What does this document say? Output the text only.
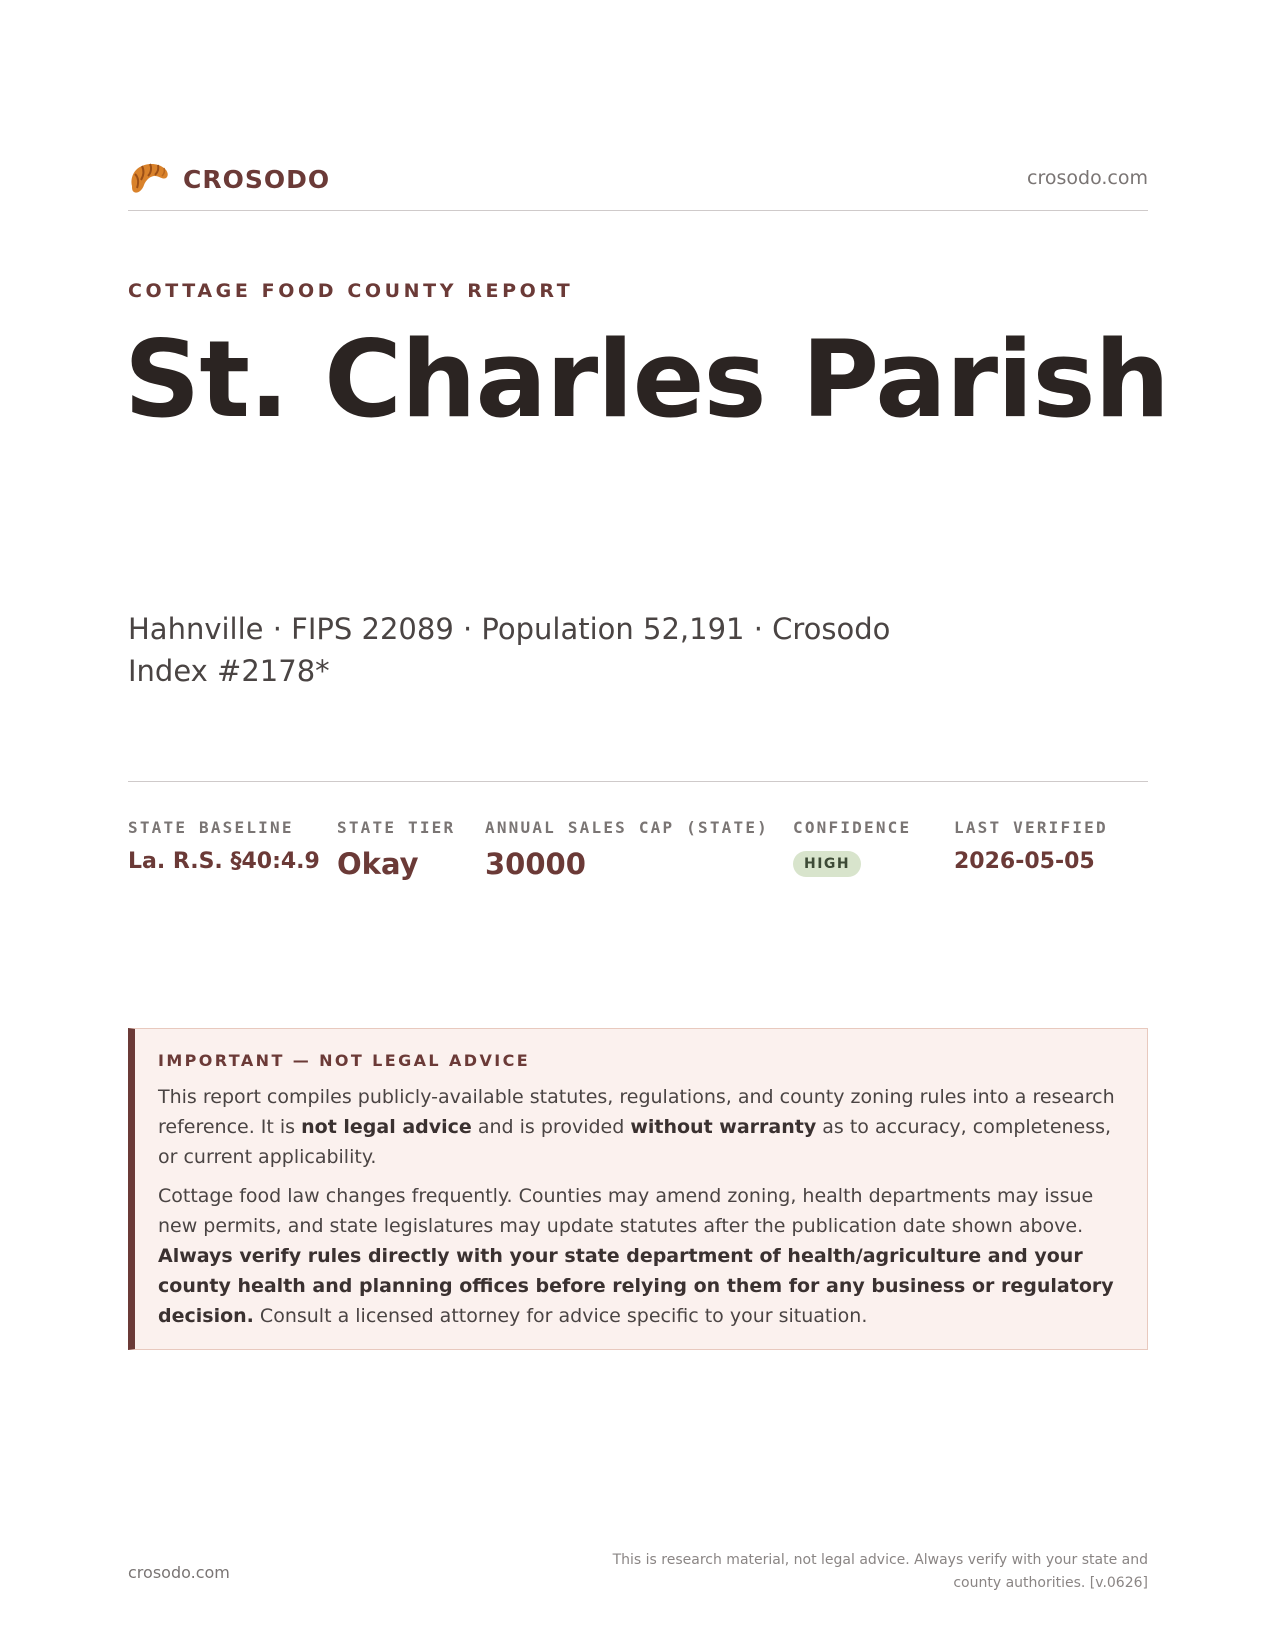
CROSODO	crosodo.com
COTTAGE FOOD COUNTY REPORT
St. Charles Parish
Hahnville · FIPS 22089 · Population 52,191 · Crosodo Index #2178*
STATE BASELINE
La. R.S. §40:4.9
STATE TIER
Okay
ANNUAL SALES CAP (STATE)
30000
CONFIDENCE
HIGH
LAST VERIFIED
2026-05-05
IMPORTANT — NOT LEGAL ADVICE

This report compiles publicly-available statutes, regulations, and county zoning rules into a research reference. It is not legal advice and is provided without warranty as to accuracy, completeness, or current applicability.

Cottage food law changes frequently. Counties may amend zoning, health departments may issue new permits, and state legislatures may update statutes after the publication date shown above. Always verify rules directly with your state department of health/agriculture and your county health and planning offices before relying on them for any business or regulatory decision. Consult a licensed attorney for advice specific to your situation.

crosodo.com
This is research material, not legal advice. Always verify with your state and county authorities. [v.0626]
